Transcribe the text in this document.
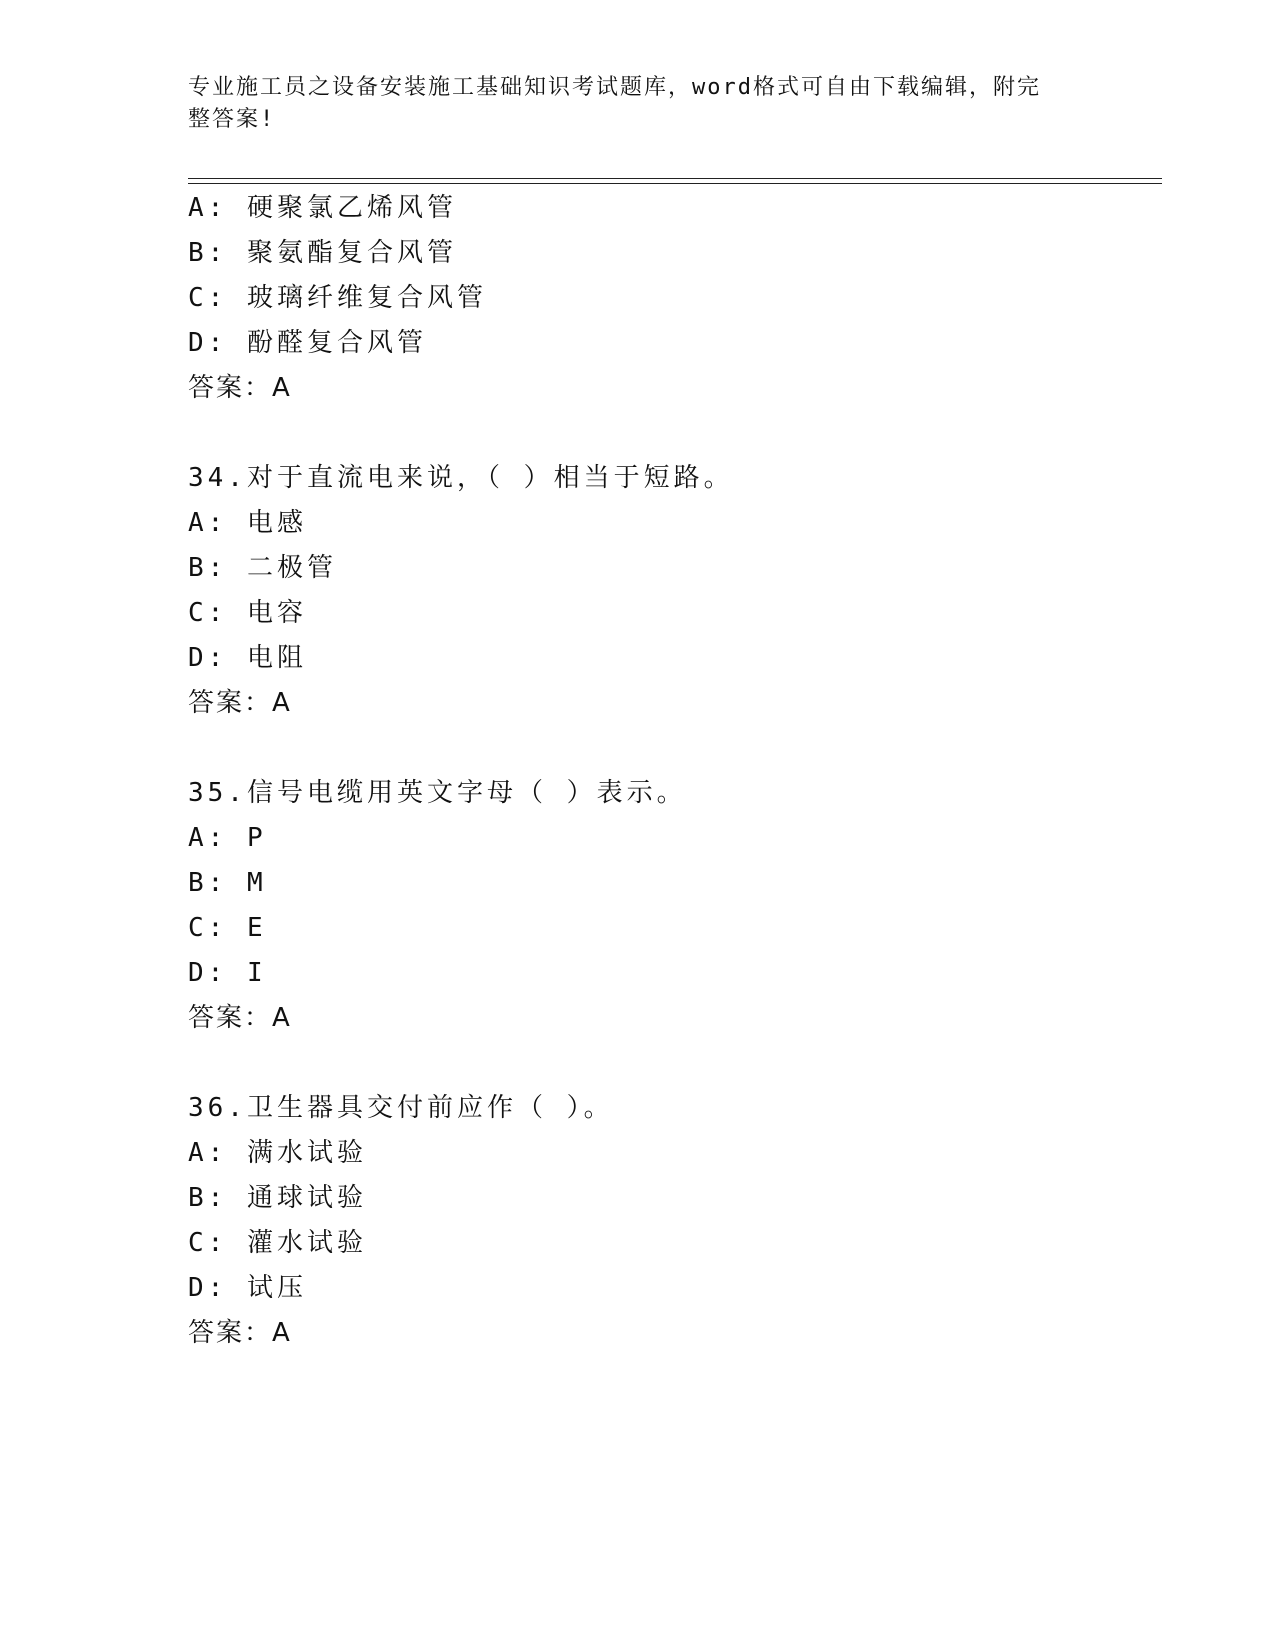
专业施工员之设备安装施工基础知识考试题库，word格式可自由下载编辑，附完
整答案!
A: 硬聚氯乙烯风管
B: 聚氨酯复合风管
C: 玻璃纤维复合风管
D: 酚醛复合风管
答案：A
34.对于直流电来说，（ ）相当于短路。
A: 电感
B: 二极管
C: 电容
D: 电阻
答案：A
35.信号电缆用英文字母（ ）表示。
A: P
B: M
C: E
D: I
答案：A
36.卫生器具交付前应作（ ）。
A: 满水试验
B: 通球试验
C: 灌水试验
D: 试压
答案：A
